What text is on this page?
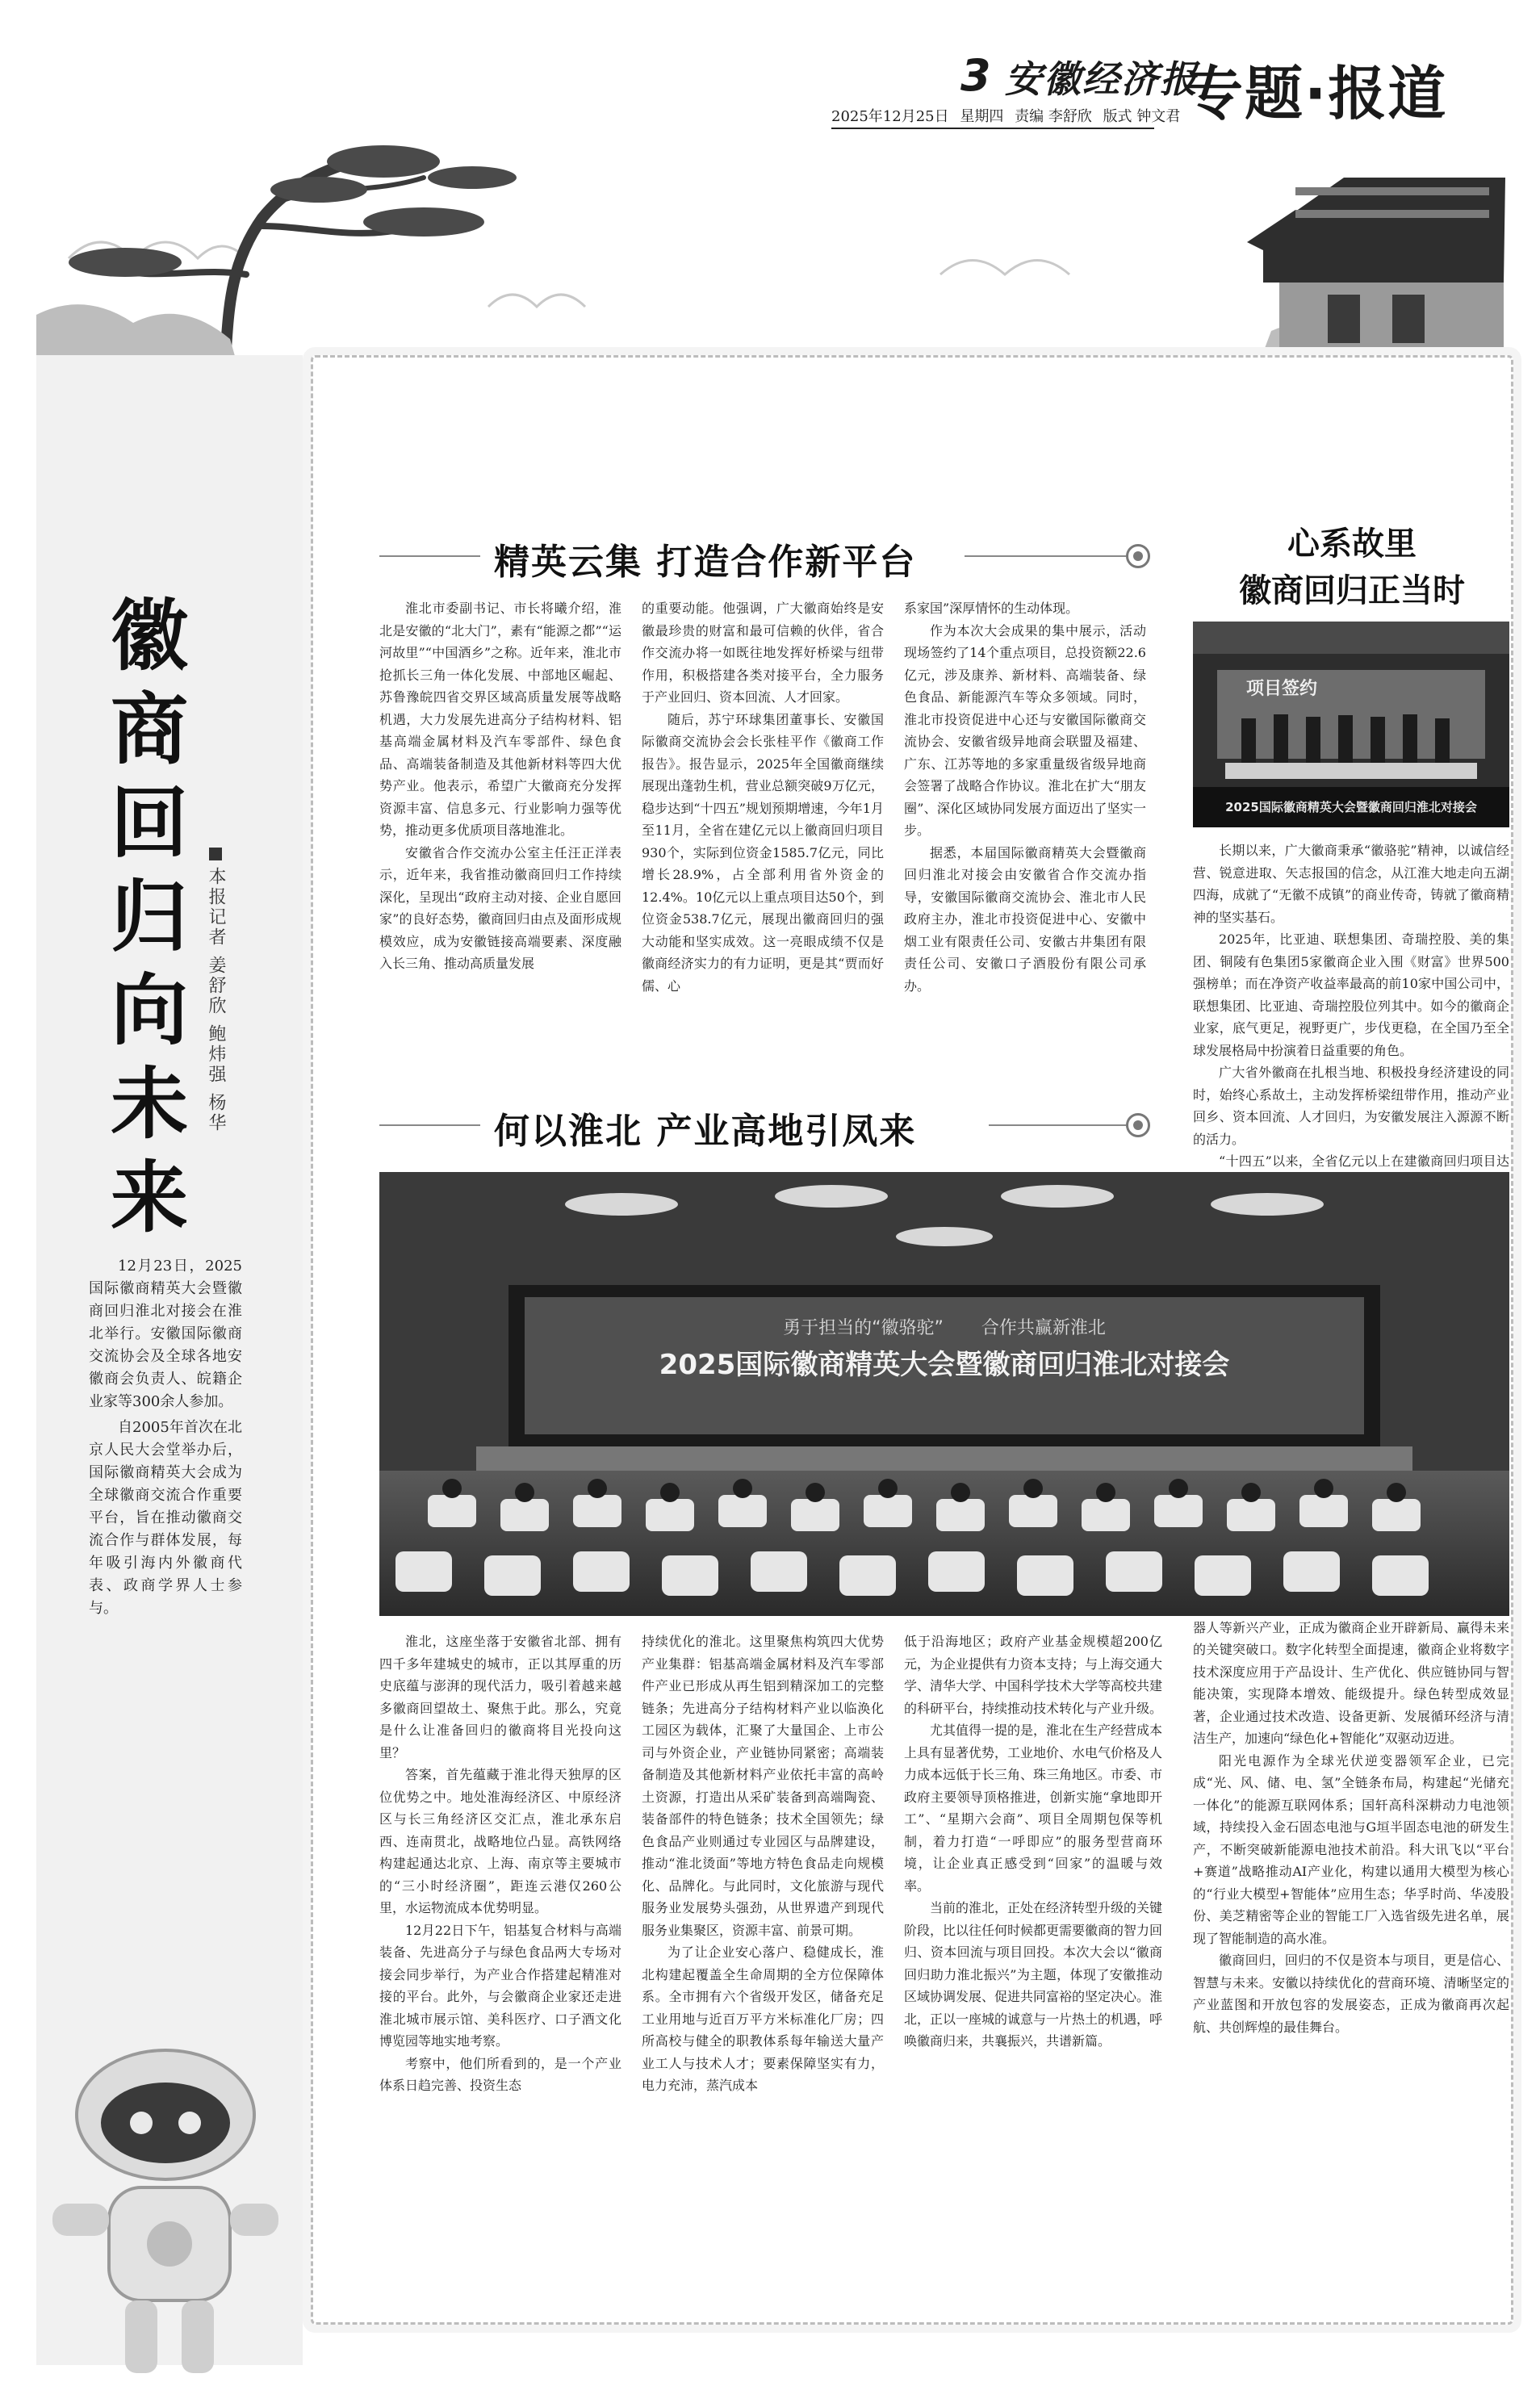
3 安徽经济报
2025年12月25日 星期四 责编 李舒欣 版式 钟文君 专题·报道
徽
商
回
归
向
未
来
本报记者 姜舒欣 鲍炜强 杨华

12月23日，2025国际徽商精英大会暨徽商回归淮北对接会在淮北举行。安徽国际徽商交流协会及全球各地安徽商会负责人、皖籍企业家等300余人参加。

自2005年首次在北京人民大会堂举办后，国际徽商精英大会成为全球徽商交流合作重要平台，旨在推动徽商交流合作与群体发展，每年吸引海内外徽商代表、政商学界人士参与。

精英云集 打造合作新平台

淮北市委副书记、市长将曦介绍，淮北是安徽的“北大门”，素有“能源之都”“运河故里”“中国酒乡”之称。近年来，淮北市抢抓长三角一体化发展、中部地区崛起、苏鲁豫皖四省交界区域高质量发展等战略机遇，大力发展先进高分子结构材料、铝基高端金属材料及汽车零部件、绿色食品、高端装备制造及其他新材料等四大优势产业。他表示，希望广大徽商充分发挥资源丰富、信息多元、行业影响力强等优势，推动更多优质项目落地淮北。

安徽省合作交流办公室主任汪正洋表示，近年来，我省推动徽商回归工作持续深化，呈现出“政府主动对接、企业自愿回家”的良好态势，徽商回归由点及面形成规模效应，成为安徽链接高端要素、深度融入长三角、推动高质量发展

的重要动能。他强调，广大徽商始终是安徽最珍贵的财富和最可信赖的伙伴，省合作交流办将一如既往地发挥好桥梁与纽带作用，积极搭建各类对接平台，全力服务于产业回归、资本回流、人才回家。

随后，苏宁环球集团董事长、安徽国际徽商交流协会会长张桂平作《徽商工作报告》。报告显示，2025年全国徽商继续展现出蓬勃生机，营业总额突破9万亿元，稳步达到“十四五”规划预期增速，今年1月至11月，全省在建亿元以上徽商回归项目930个，实际到位资金1585.7亿元，同比增长28.9%，占全部利用省外资金的12.4%。10亿元以上重点项目达50个，到位资金538.7亿元，展现出徽商回归的强大动能和坚实成效。这一亮眼成绩不仅是徽商经济实力的有力证明，更是其“贾而好儒、心

系家国”深厚情怀的生动体现。

作为本次大会成果的集中展示，活动现场签约了14个重点项目，总投资额22.6亿元，涉及康养、新材料、高端装备、绿色食品、新能源汽车等众多领域。同时，淮北市投资促进中心还与安徽国际徽商交流协会、安徽省级异地商会联盟及福建、广东、江苏等地的多家重量级省级异地商会签署了战略合作协议。淮北在扩大“朋友圈”、深化区域协同发展方面迈出了坚实一步。

据悉，本届国际徽商精英大会暨徽商回归淮北对接会由安徽省合作交流办指导，安徽国际徽商交流协会、淮北市人民政府主办，淮北市投资促进中心、安徽中烟工业有限责任公司、安徽古井集团有限责任公司、安徽口子酒股份有限公司承办。

心系故里
徽商回归正当时
2025国际徽商精英大会暨徽商回归淮北对接会
项目签约

长期以来，广大徽商秉承“徽骆驼”精神，以诚信经营、锐意进取、矢志报国的信念，从江淮大地走向五湖四海，成就了“无徽不成镇”的商业传奇，铸就了徽商精神的坚实基石。

2025年，比亚迪、联想集团、奇瑞控股、美的集团、铜陵有色集团5家徽商企业入围《财富》世界500强榜单；而在净资产收益率最高的前10家中国公司中，联想集团、比亚迪、奇瑞控股位列其中。如今的徽商企业家，底气更足，视野更广，步伐更稳，在全国乃至全球发展格局中扮演着日益重要的角色。

广大省外徽商在扎根当地、积极投身经济建设的同时，始终心系故土，主动发挥桥梁纽带作用，推动产业回乡、资本回流、人才回归，为安徽发展注入源源不断的活力。

“十四五”以来，全省亿元以上在建徽商回归项目达

器人等新兴产业，正成为徽商企业开辟新局、赢得未来的关键突破口。数字化转型全面提速，徽商企业将数字技术深度应用于产品设计、生产优化、供应链协同与智能决策，实现降本增效、能级提升。绿色转型成效显著，企业通过技术改造、设备更新、发展循环经济与清洁生产，加速向“绿色化+智能化”双驱动迈进。

阳光电源作为全球光伏逆变器领军企业，已完成“光、风、储、电、氢”全链条布局，构建起“光储充一体化”的能源互联网体系；国轩高科深耕动力电池领域，持续投入金石固态电池与G垣半固态电池的研发生产，不断突破新能源电池技术前沿。科大讯飞以“平台+赛道”战略推动AI产业化，构建以通用大模型为核心的“行业大模型+智能体”应用生态；华孚时尚、华凌股份、美芝精密等企业的智能工厂入选省级先进名单，展现了智能制造的高水准。

徽商回归，回归的不仅是资本与项目，更是信心、智慧与未来。安徽以持续优化的营商环境、清晰坚定的产业蓝图和开放包容的发展姿态，正成为徽商再次起航、共创辉煌的最佳舞台。

何以淮北 产业高地引凤来
勇于担当的“徽骆驼” 合作共赢新淮北
2025国际徽商精英大会暨徽商回归淮北对接会

淮北，这座坐落于安徽省北部、拥有四千多年建城史的城市，正以其厚重的历史底蕴与澎湃的现代活力，吸引着越来越多徽商回望故土、聚焦于此。那么，究竟是什么让准备回归的徽商将目光投向这里？

答案，首先蕴藏于淮北得天独厚的区位优势之中。地处淮海经济区、中原经济区与长三角经济区交汇点，淮北承东启西、连南贯北，战略地位凸显。高铁网络构建起通达北京、上海、南京等主要城市的“三小时经济圈”，距连云港仅260公里，水运物流成本优势明显。

12月22日下午，铝基复合材料与高端装备、先进高分子与绿色食品两大专场对接会同步举行，为产业合作搭建起精准对接的平台。此外，与会徽商企业家还走进淮北城市展示馆、美科医疗、口子酒文化博览园等地实地考察。

考察中，他们所看到的，是一个产业体系日趋完善、投资生态

持续优化的淮北。这里聚焦构筑四大优势产业集群：铝基高端金属材料及汽车零部件产业已形成从再生铝到精深加工的完整链条；先进高分子结构材料产业以临涣化工园区为载体，汇聚了大量国企、上市公司与外资企业，产业链协同紧密；高端装备制造及其他新材料产业依托丰富的高岭土资源，打造出从采矿装备到高端陶瓷、装备部件的特色链条；技术全国领先；绿色食品产业则通过专业园区与品牌建设，推动“淮北烫面”等地方特色食品走向规模化、品牌化。与此同时，文化旅游与现代服务业发展势头强劲，从世界遗产到现代服务业集聚区，资源丰富、前景可期。

为了让企业安心落户、稳健成长，淮北构建起覆盖全生命周期的全方位保障体系。全市拥有六个省级开发区，储备充足工业用地与近百万平方米标准化厂房；四所高校与健全的职教体系每年输送大量产业工人与技术人才；要素保障坚实有力，电力充沛，蒸汽成本

低于沿海地区；政府产业基金规模超200亿元，为企业提供有力资本支持；与上海交通大学、清华大学、中国科学技术大学等高校共建的科研平台，持续推动技术转化与产业升级。

尤其值得一提的是，淮北在生产经营成本上具有显著优势，工业地价、水电气价格及人力成本远低于长三角、珠三角地区。市委、市政府主要领导顶格推进，创新实施“拿地即开工”、“星期六会商”、项目全周期包保等机制，着力打造“一呼即应”的服务型营商环境，让企业真正感受到“回家”的温暖与效率。

当前的淮北，正处在经济转型升级的关键阶段，比以往任何时候都更需要徽商的智力回归、资本回流与项目回投。本次大会以“徽商回归助力淮北振兴”为主题，体现了安徽推动区域协调发展、促进共同富裕的坚定决心。淮北，正以一座城的诚意与一片热土的机遇，呼唤徽商归来，共襄振兴，共谱新篇。
